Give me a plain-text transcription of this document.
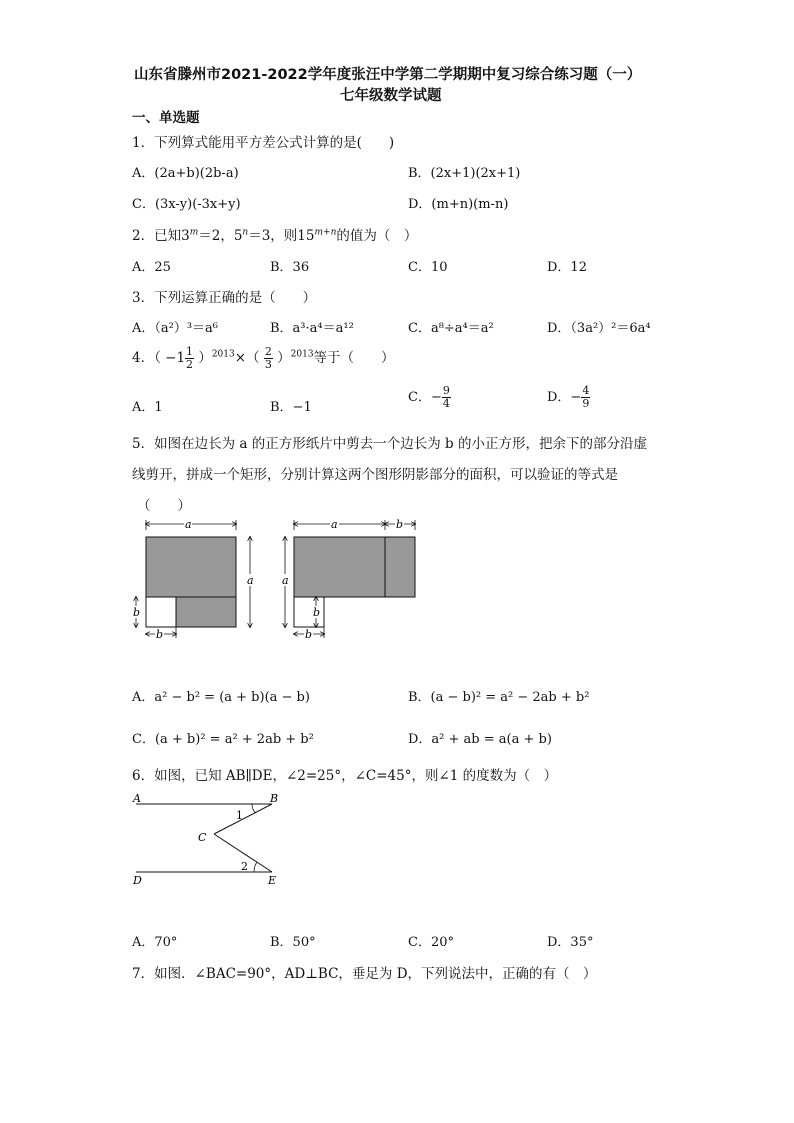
山东省滕州市2021-2022学年度张汪中学第二学期期中复习综合练习题（一）
七年级数学试题
一、单选题
1．下列算式能用平方差公式计算的是(　　)
A．(2a+b)(2b-a)	B．(2x+1)(2x+1)
C．(3x-y)(-3x+y)	D．(m+n)(m-n)
2．已知$3^m=2$，$5^n=3$，则$15^{m+n}$的值为（　）
A．25	B．36	C．10	D．12
3．下列运算正确的是（　　）
A．（a²）³＝a⁶	B．a³·a⁴＝a¹²	C．a⁸÷a⁴＝a²	D．（3a²）²＝6a⁴
4．（ $-1 \frac{1}{2} )^{2013}\times( \frac{2}{3} )^{2013}$等于（　　）
A．1	B．−1
C．− $\frac{9}{4}$	D．− $\frac{4}{9}$
5．如图在边长为 a 的正方形纸片中剪去一个边长为 b 的小正方形，把余下的部分沿虚
线剪开，拼成一个矩形，分别计算这两个图形阴影部分的面积，可以验证的等式是
（　　）
a
a
b
b
a	b
a
b
b
A．a² − b² = (a + b)(a − b)	B．(a − b)² = a² − 2ab + b²
C．(a + b)² = a² + 2ab + b²	D．a² + ab = a(a + b)
6．如图，已知 AB∥DE，∠2=25°，∠C=45°，则∠1 的度数为（　）
A	B
C
D	E
1
2
A．70°	B．50°	C．20°	D．35°
7．如图．∠BAC=90°，AD⊥BC，垂足为 D，下列说法中，正确的有（　）
